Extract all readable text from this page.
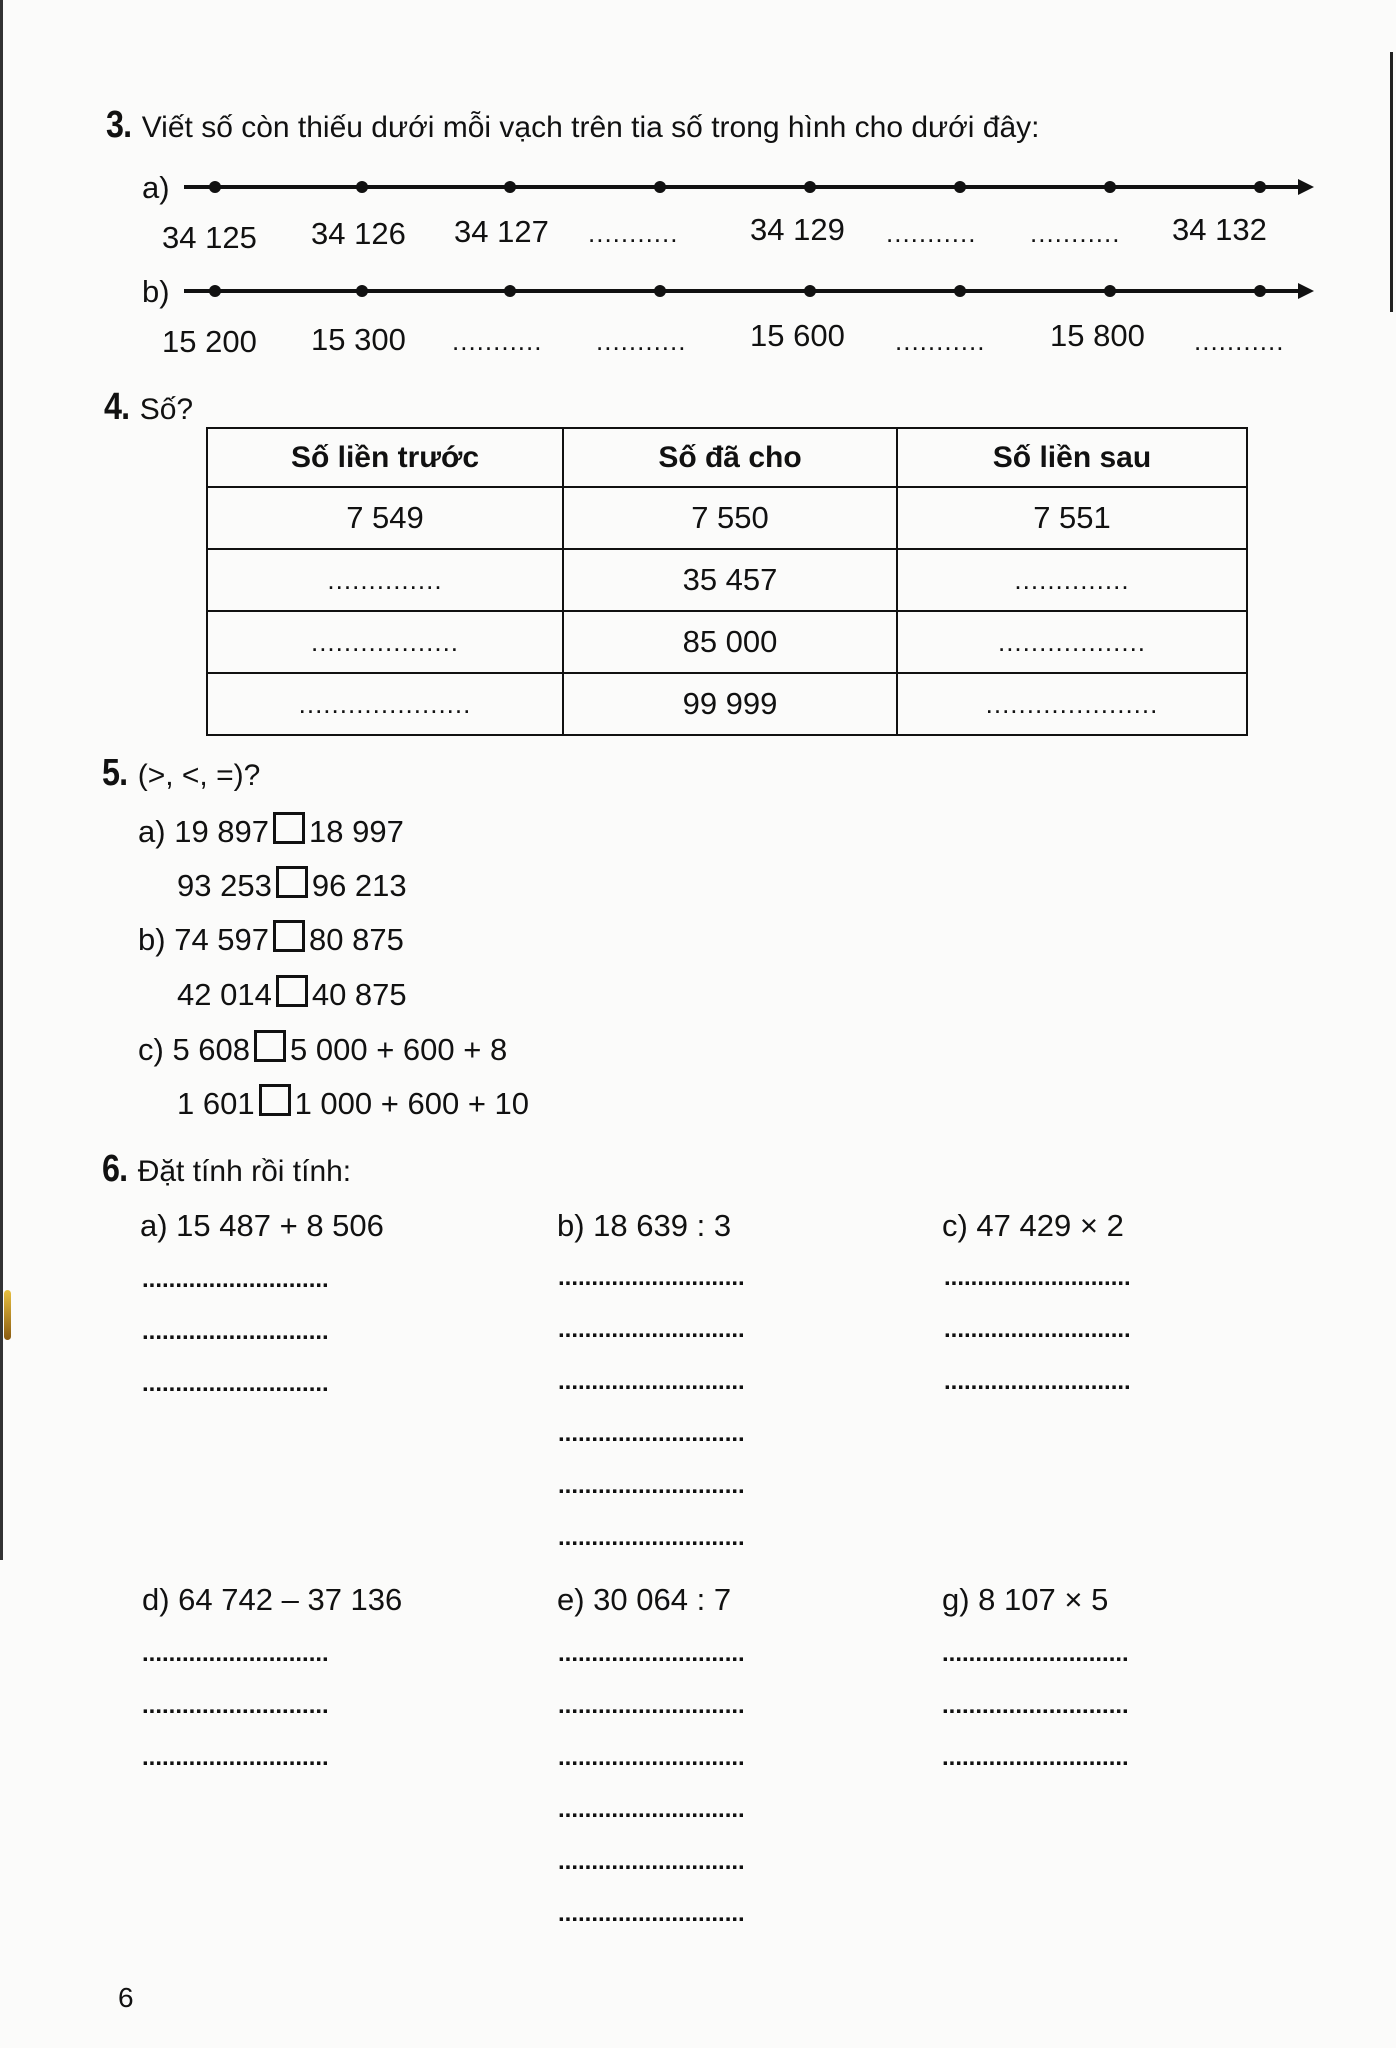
3. Viết số còn thiếu dưới mỗi vạch trên tia số trong hình cho dưới đây:
a)
34 125 34 126 34 127 ........... 34 129 ........... ........... 34 132
b)
15 200 15 300 ........... ........... 15 600 ........... 15 800 ...........
4. Số?
Số liền trước	Số đã cho	Số liền sau
7 549	7 550	7 551
..............	35 457	..............
..................	85 000	..................
.....................	99 999	.....................
5. (>, <, =)?
a) 19 897 18 997
93 253 96 213
b) 74 597 80 875
42 014 40 875
c) 5 608 5 000 + 600 + 8
1 601 1 000 + 600 + 10
6. Đặt tính rồi tính:
a) 15 487 + 8 506	b) 18 639 : 3	c) 47 429 × 2
............................
............................
............................
............................
............................
............................
............................
............................
............................
............................
............................
............................
d) 64 742 – 37 136	e) 30 064 : 7	g) 8 107 × 5
............................
............................
............................
............................
............................
............................
............................
............................
............................
............................
............................
............................
6
